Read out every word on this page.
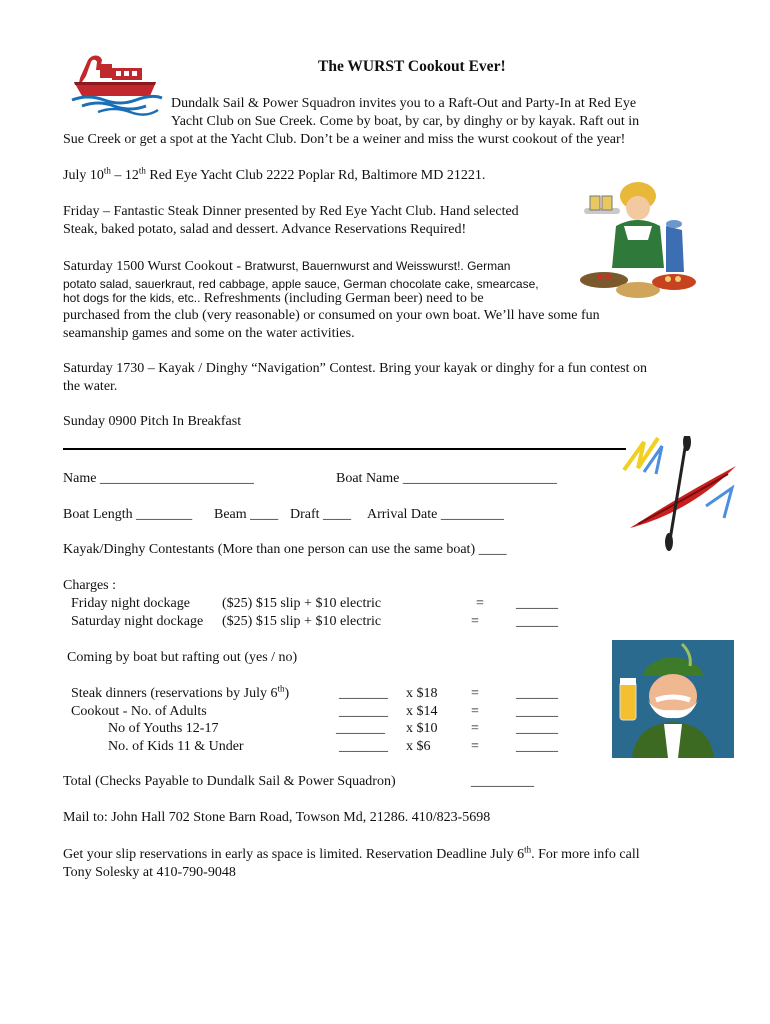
The WURST Cookout Ever!
Dundalk Sail & Power Squadron invites you to a Raft-Out and Party-In at Red Eye
Yacht Club on Sue Creek. Come by boat, by car, by dinghy or by kayak. Raft out in
Sue Creek or get a spot at the Yacht Club. Don’t be a weiner and miss the wurst cookout of the year!
July 10th – 12th Red Eye Yacht Club 2222 Poplar Rd, Baltimore MD 21221.
Friday – Fantastic Steak Dinner presented by Red Eye Yacht Club. Hand selected
Steak, baked potato, salad and dessert. Advance Reservations Required!
Saturday 1500 Wurst Cookout - Bratwurst, Bauernwurst and Weisswurst!. German
potato salad, sauerkraut, red cabbage, apple sauce, German chocolate cake, smearcase,
hot dogs for the kids, etc.. Refreshments (including German beer) need to be
purchased from the club (very reasonable) or consumed on your own boat. We’ll have some fun
seamanship games and some on the water activities.
Saturday 1730 – Kayak / Dinghy “Navigation” Contest. Bring your kayak or dinghy for a fun contest on
the water.
Sunday 0900 Pitch In Breakfast
Name ______________________	Boat Name ______________________
Boat Length ________ Beam ____ Draft ____ Arrival Date _________
Kayak/Dinghy Contestants (More than one person can use the same boat) ____
Charges :
Friday night dockage ($25) $15 slip + $10 electric	= ______
Saturday night dockage ($25) $15 slip + $10 electric	=	______
Coming by boat but rafting out (yes / no)
Steak dinners (reservations by July 6th)	_______ x $18 =	______
Cookout - No. of Adults	_______ x $14 =	______
No of Youths 12-17	_______ x $10 =	______
No. of Kids 11 & Under	_______ x $6	=	______
Total (Checks Payable to Dundalk Sail & Power Squadron)	_________
Mail to: John Hall 702 Stone Barn Road, Towson Md, 21286. 410/823-5698
Get your slip reservations in early as space is limited. Reservation Deadline July 6th. For more info call
Tony Solesky at 410-790-9048
